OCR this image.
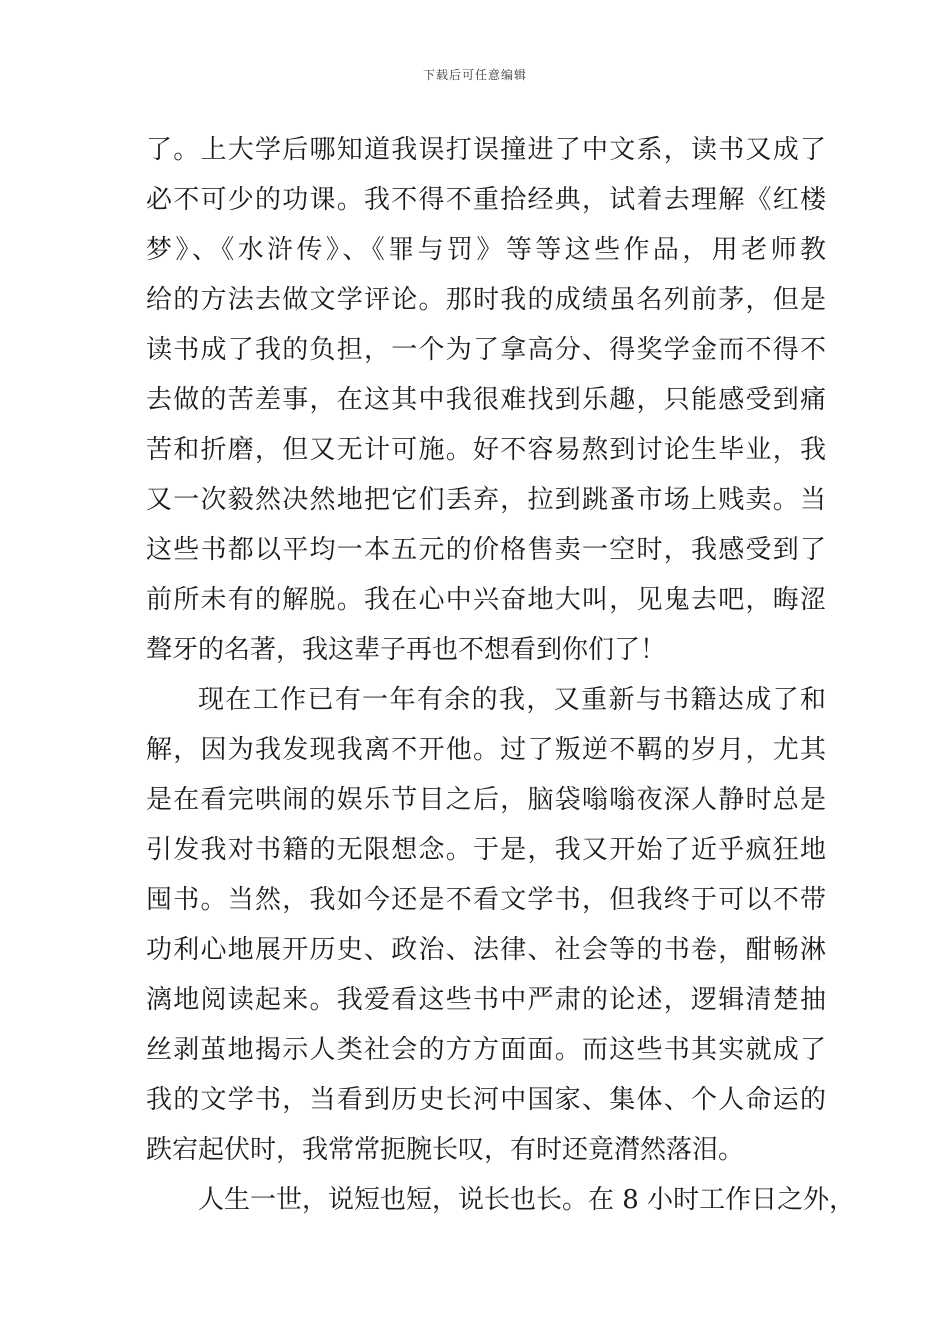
下载后可任意编辑
了。上大学后哪知道我误打误撞进了中文系，读书又成了
必不可少的功课。我不得不重拾经典，试着去理解《红楼
梦》、《水浒传》、《罪与罚》等等这些作品，用老师教
给的方法去做文学评论。那时我的成绩虽名列前茅，但是
读书成了我的负担，一个为了拿高分、得奖学金而不得不
去做的苦差事，在这其中我很难找到乐趣，只能感受到痛
苦和折磨，但又无计可施。好不容易熬到讨论生毕业，我
又一次毅然决然地把它们丢弃，拉到跳蚤市场上贱卖。当
这些书都以平均一本五元的价格售卖一空时，我感受到了
前所未有的解脱。我在心中兴奋地大叫，见鬼去吧，晦涩
聱牙的名著，我这辈子再也不想看到你们了！
现在工作已有一年有余的我，又重新与书籍达成了和
解，因为我发现我离不开他。过了叛逆不羁的岁月，尤其
是在看完哄闹的娱乐节目之后，脑袋嗡嗡夜深人静时总是
引发我对书籍的无限想念。于是，我又开始了近乎疯狂地
囤书。当然，我如今还是不看文学书，但我终于可以不带
功利心地展开历史、政治、法律、社会等的书卷，酣畅淋
漓地阅读起来。我爱看这些书中严肃的论述，逻辑清楚抽
丝剥茧地揭示人类社会的方方面面。而这些书其实就成了
我的文学书，当看到历史长河中国家、集体、个人命运的
跌宕起伏时，我常常扼腕长叹，有时还竟潸然落泪。
人生一世，说短也短，说长也长。在 8 小时工作日之外，
